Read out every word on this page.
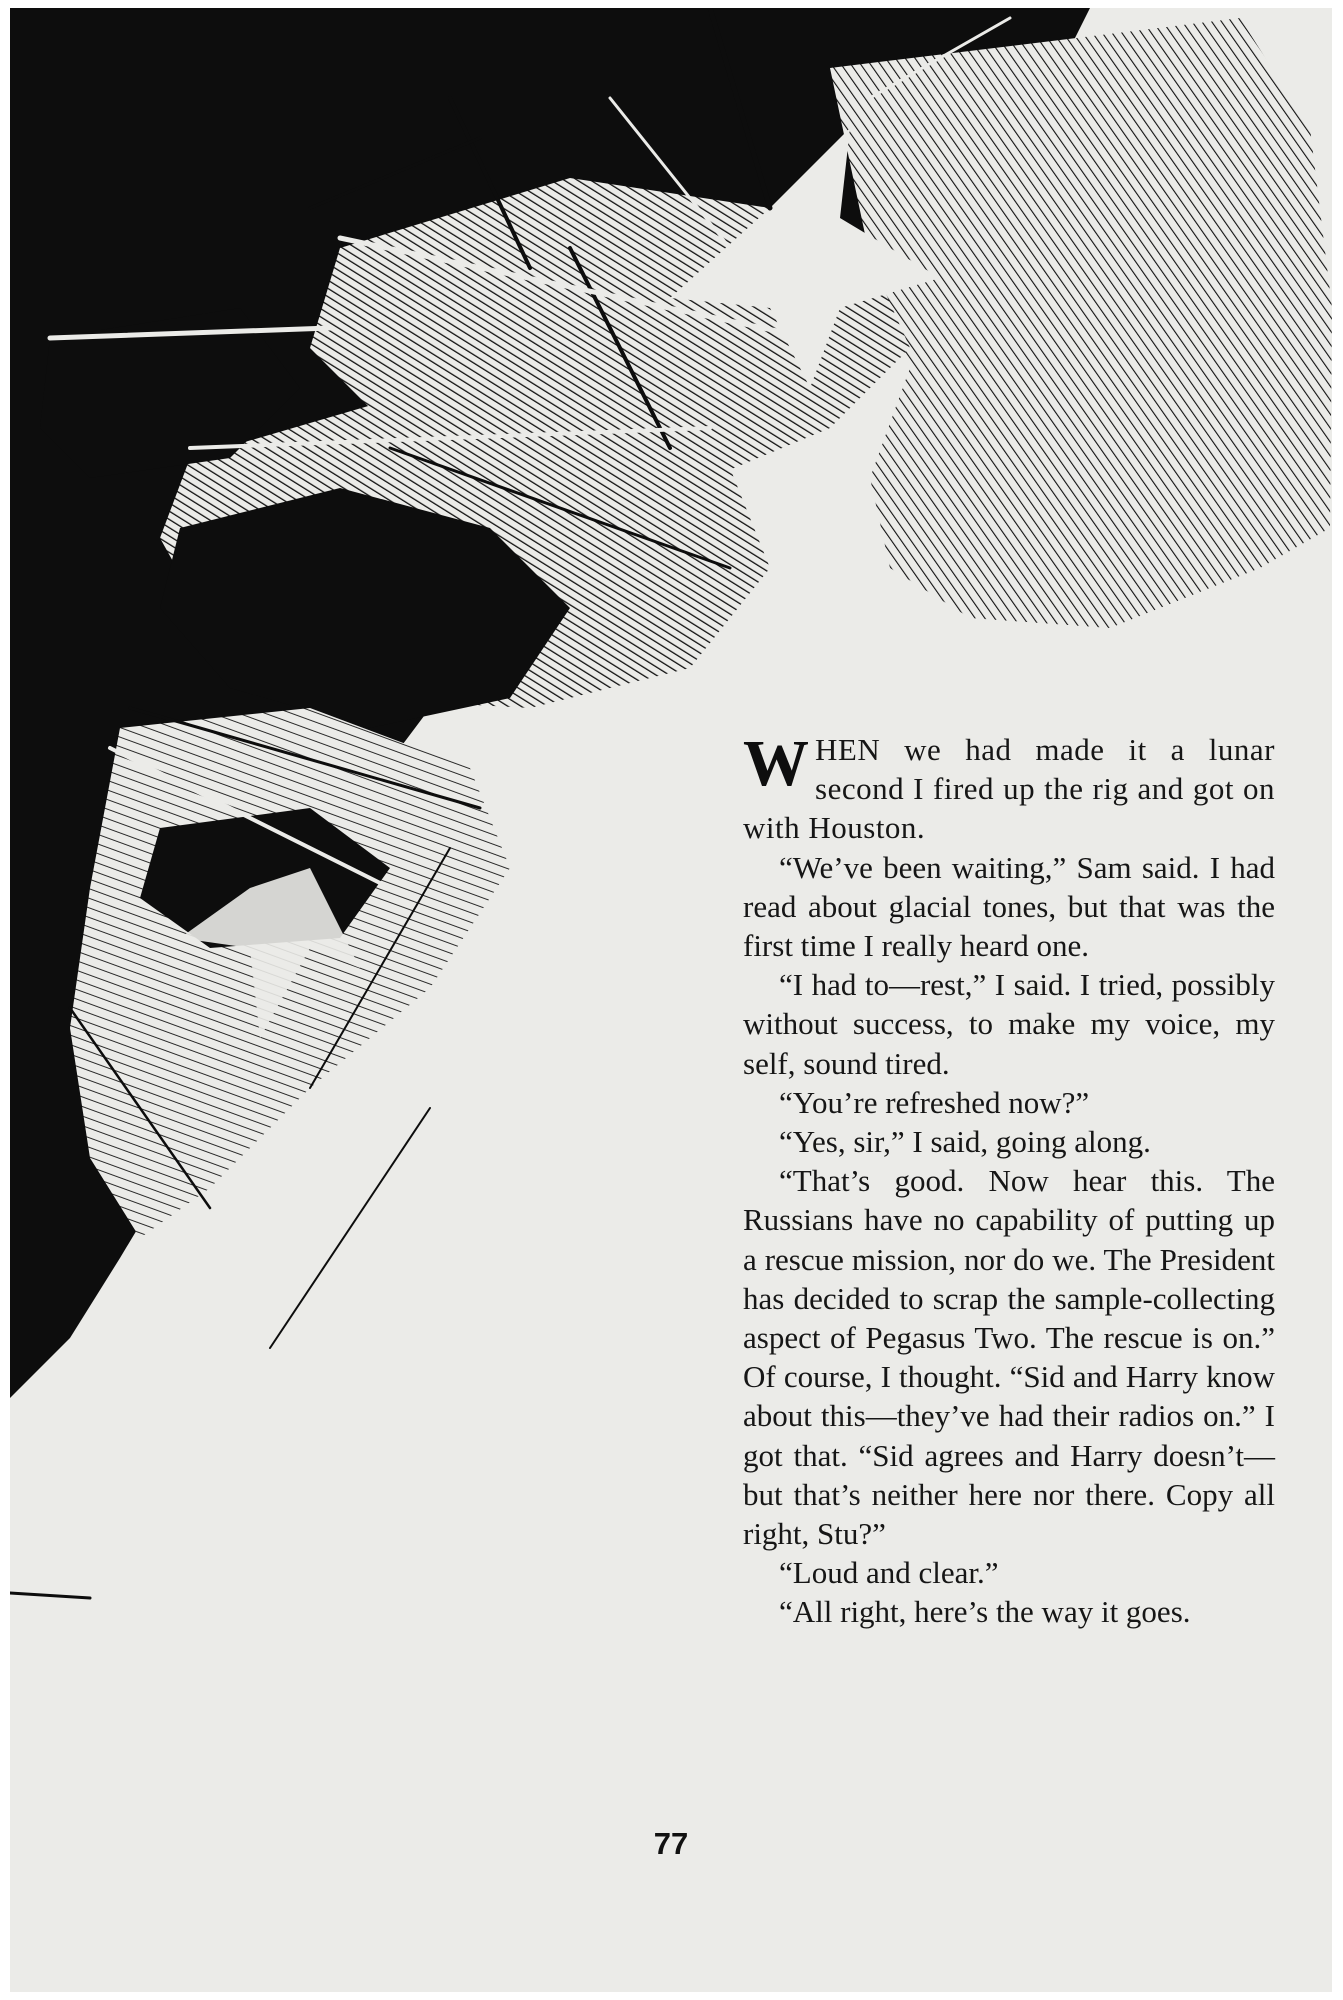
WHEN we had made it a lunar second I fired up the rig and got on with Houston.

“We’ve been waiting,” Sam said. I had read about glacial tones, but that was the first time I really heard one.

“I had to—rest,” I said. I tried, possibly without success, to make my voice, my self, sound tired.

“You’re refreshed now?”

“Yes, sir,” I said, going along.

“That’s good. Now hear this. The Russians have no capability of putting up a rescue mission, nor do we. The President has decided to scrap the sample-collecting aspect of Pegasus Two. The rescue is on.” Of course, I thought. “Sid and Harry know about this—they’ve had their radios on.” I got that. “Sid agrees and Harry doesn’t—but that’s neither here nor there. Copy all right, Stu?”

“Loud and clear.”

“All right, here’s the way it goes.

77
